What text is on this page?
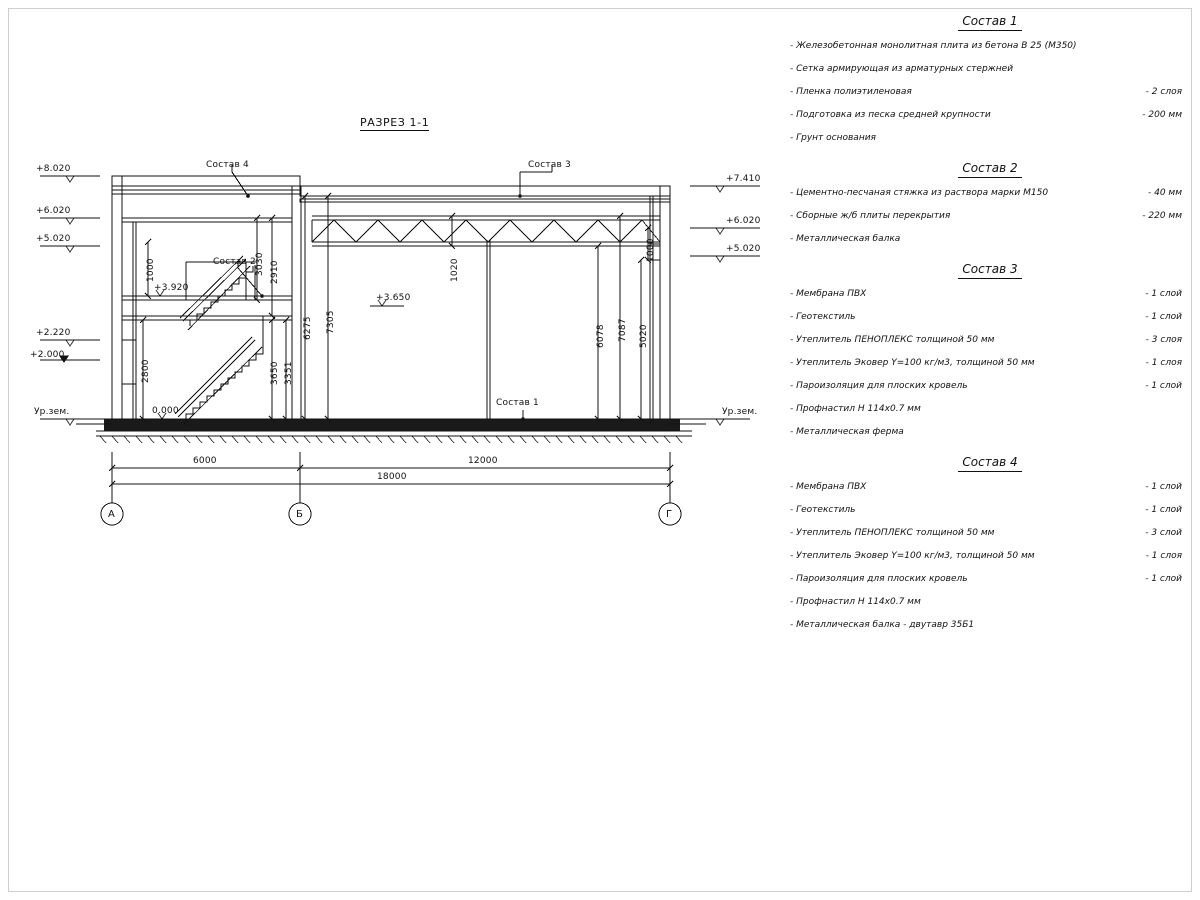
РАЗРЕЗ 1-1
+8.020
+6.020
+5.020
+2.220
+2.000
Ур.зем.
+7.410
+6.020
+5.020
Ур.зем.
+3.920
+3.650
0.000
1000
2800
3030 2910
3650 3351
6275 7305
1020
6078 7087 5020
1000
6000	12000
18000
А	Б	Г
Состав 4	Состав 3
Состав 2
Состав 1
Состав 1
- Железобетонная монолитная плита из бетона В 25 (М350)
- Сетка армирующая из арматурных стержней
- Пленка полиэтиленовая	- 2 слоя
- Подготовка из песка средней крупности	- 200 мм
- Грунт основания
Состав 2
- Цементно-песчаная стяжка из раствора марки М150	- 40 мм
- Сборные ж/б плиты перекрытия	- 220 мм
- Металлическая балка
Состав 3
- Мембрана ПВХ	- 1 слой
- Геотекстиль	- 1 слой
- Утеплитель ПЕНОПЛЕКС толщиной 50 мм	- 3 слоя
- Утеплитель Эковер Y=100 кг/м3, толщиной 50 мм	- 1 слоя
- Пароизоляция для плоских кровель	- 1 слой
- Профнастил Н 114х0.7 мм
- Металлическая ферма
Состав 4
- Мембрана ПВХ	- 1 слой
- Геотекстиль	- 1 слой
- Утеплитель ПЕНОПЛЕКС толщиной 50 мм	- 3 слой
- Утеплитель Эковер Y=100 кг/м3, толщиной 50 мм	- 1 слоя
- Пароизоляция для плоских кровель	- 1 слой
- Профнастил Н 114х0.7 мм
- Металлическая балка - двутавр 35Б1
